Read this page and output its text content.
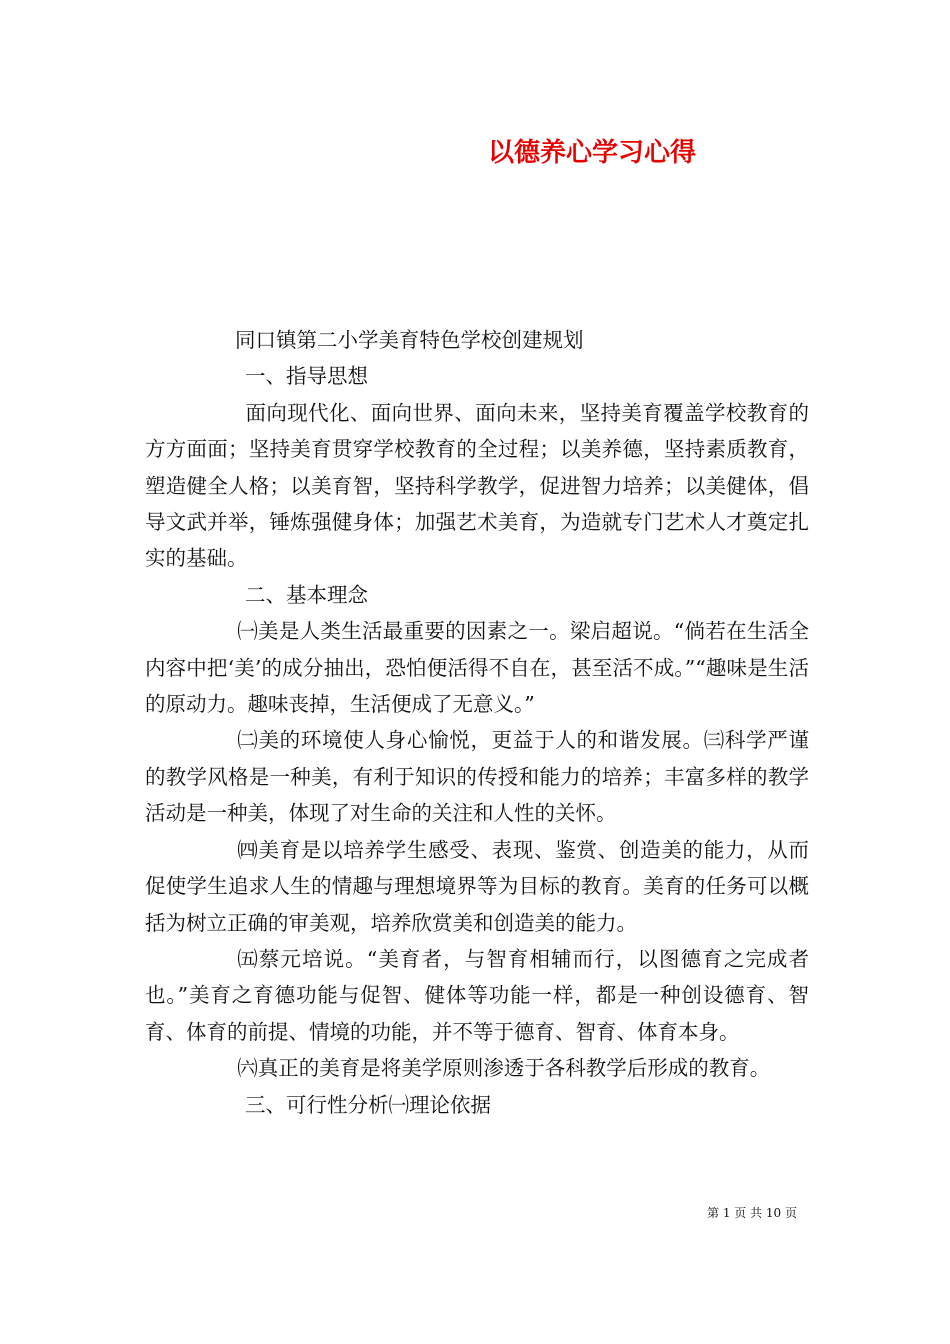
以德养心学习心得

同口镇第二小学美育特色学校创建规划

一、指导思想

面向现代化、面向世界、面向未来，坚持美育覆盖学校教育的方方面面；坚持美育贯穿学校教育的全过程；以美养德，坚持素质教育，塑造健全人格；以美育智，坚持科学教学，促进智力培养；以美健体，倡导文武并举，锤炼强健身体；加强艺术美育，为造就专门艺术人才奠定扎实的基础。

二、基本理念

㈠美是人类生活最重要的因素之一。梁启超说。“倘若在生活全内容中把‘美’的成分抽出，恐怕便活得不自在，甚至活不成。”“趣味是生活的原动力。趣味丧掉，生活便成了无意义。”

㈡美的环境使人身心愉悦，更益于人的和谐发展。㈢科学严谨的教学风格是一种美，有利于知识的传授和能力的培养；丰富多样的教学活动是一种美，体现了对生命的关注和人性的关怀。

㈣美育是以培养学生感受、表现、鉴赏、创造美的能力，从而促使学生追求人生的情趣与理想境界等为目标的教育。美育的任务可以概括为树立正确的审美观，培养欣赏美和创造美的能力。

㈤蔡元培说。“美育者，与智育相辅而行，以图德育之完成者也。”美育之育德功能与促智、健体等功能一样，都是一种创设德育、智育、体育的前提、情境的功能，并不等于德育、智育、体育本身。

㈥真正的美育是将美学原则渗透于各科教学后形成的教育。

三、可行性分析㈠理论依据

第 1 页 共 10 页
